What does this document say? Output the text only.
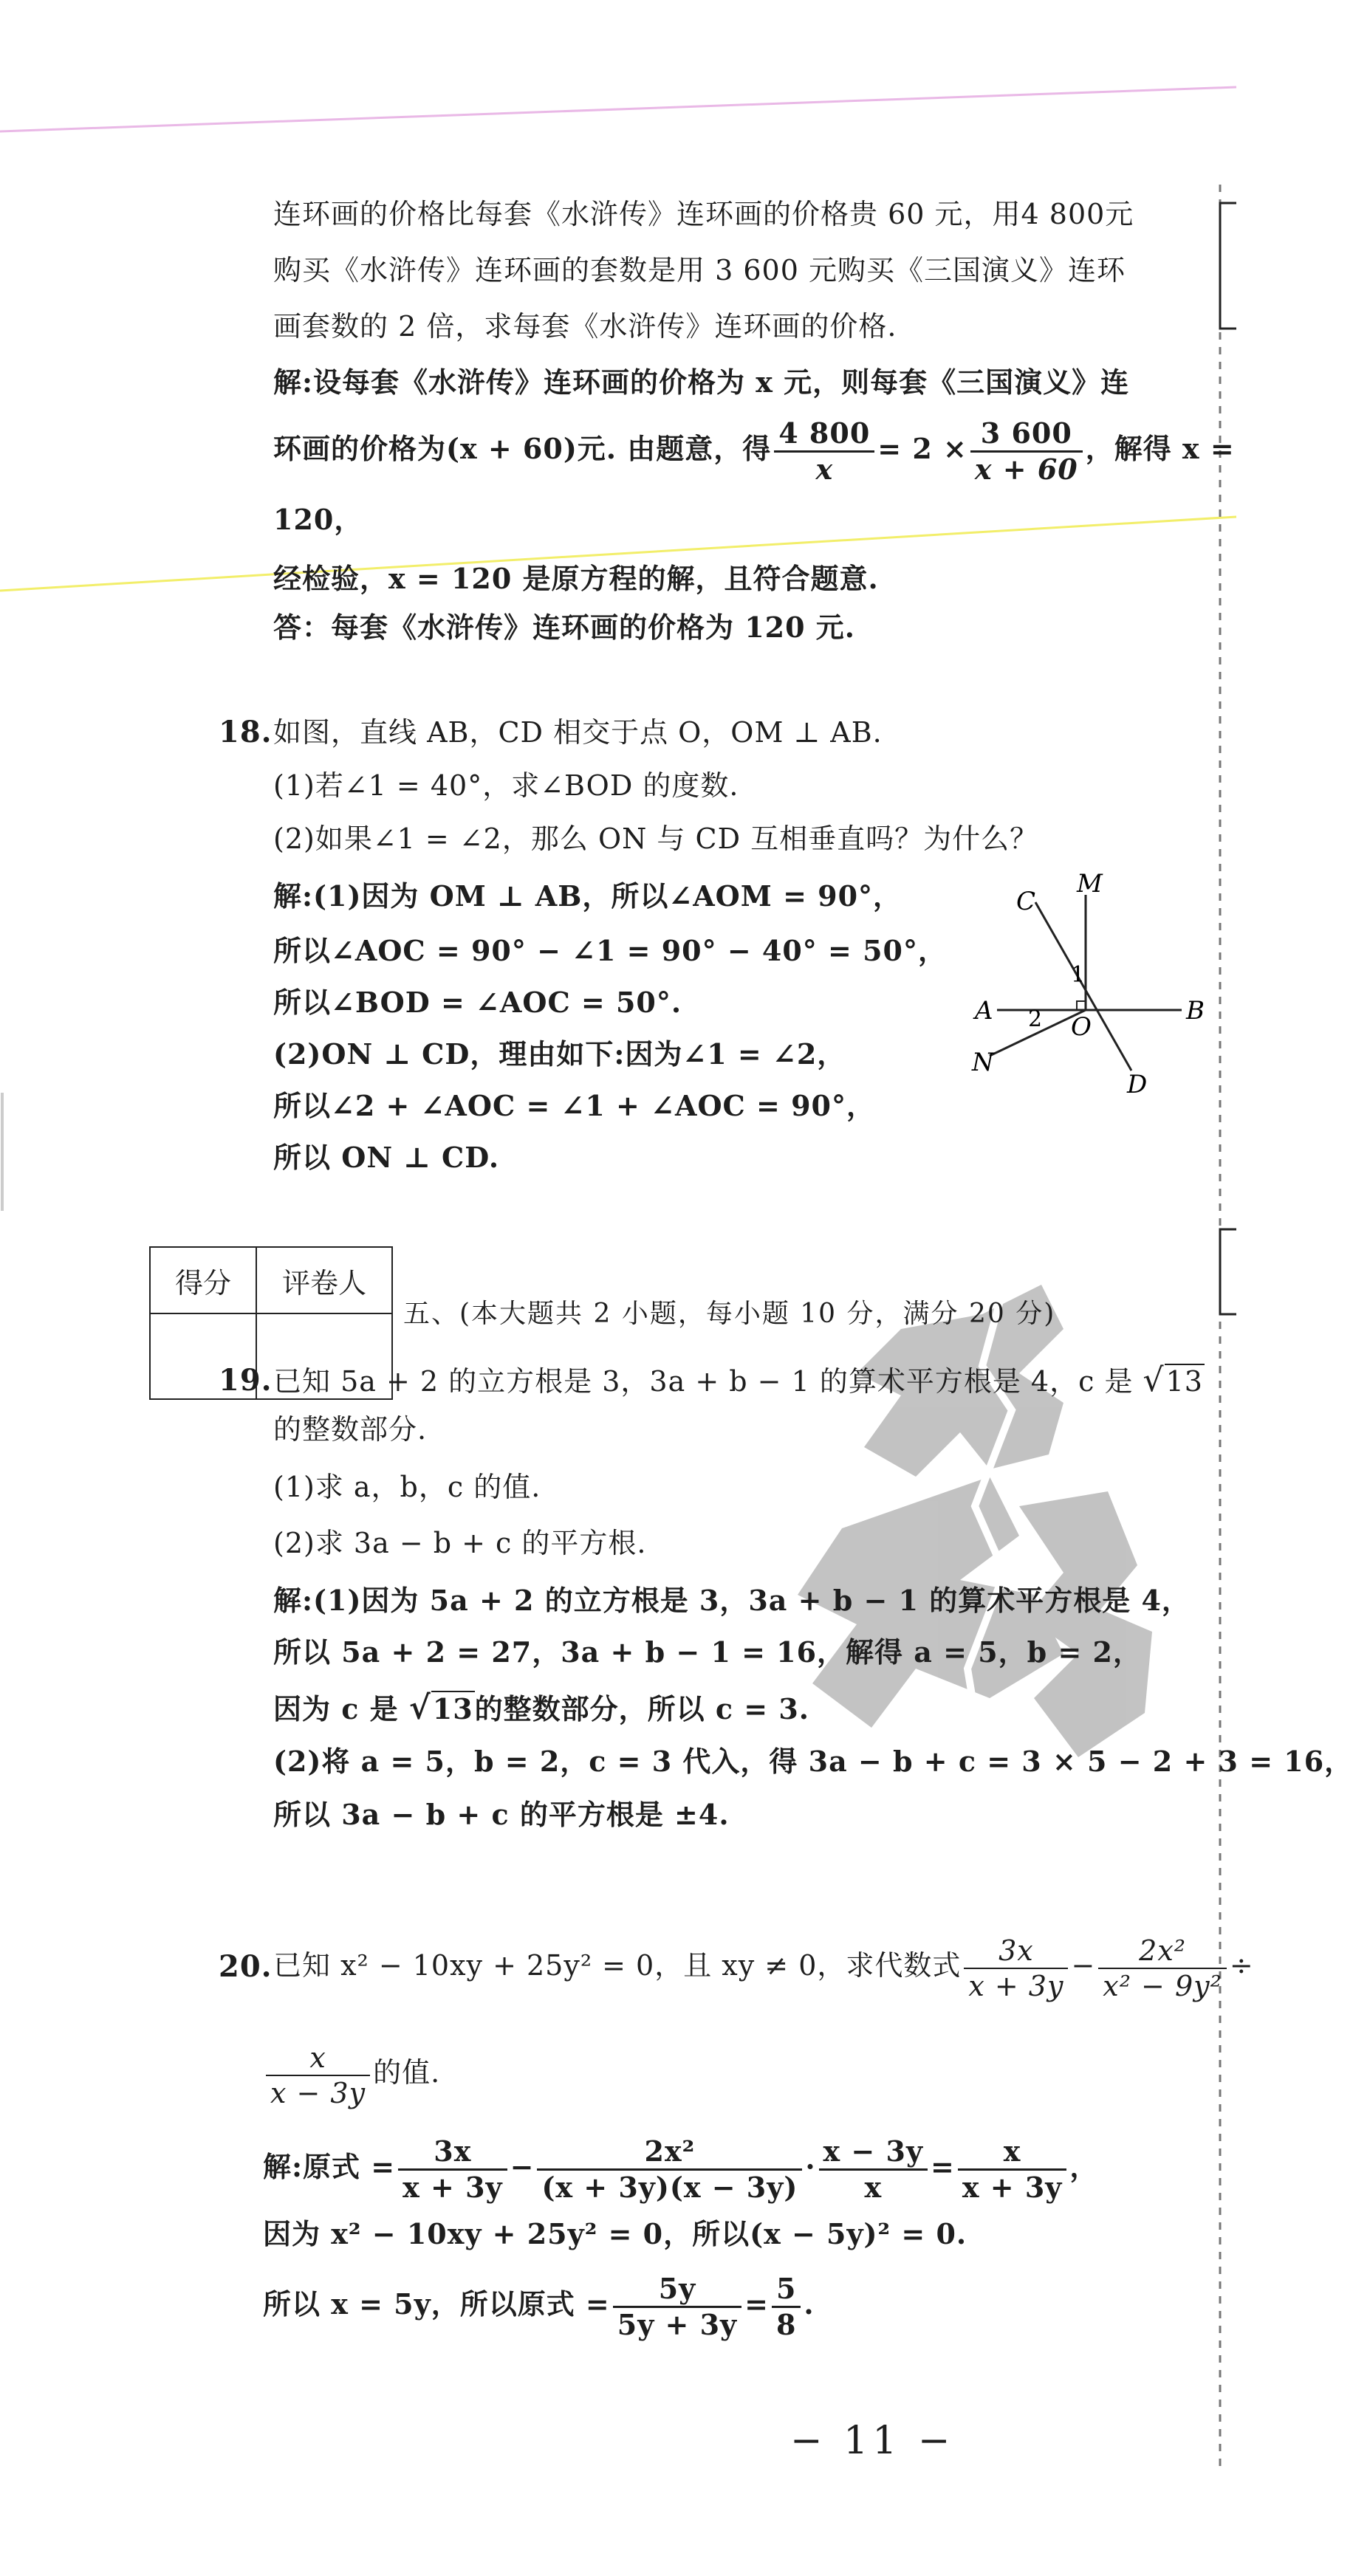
连环画的价格比每套《水浒传》连环画的价格贵 60 元，用4 800元
购买《水浒传》连环画的套数是用 3 600 元购买《三国演义》连环
画套数的 2 倍，求每套《水浒传》连环画的价格.
解:设每套《水浒传》连环画的价格为 x 元，则每套《三国演义》连
环画的价格为(x + 60)元. 由题意，得 $\frac{4 800}{x} = 2 \times \frac{3 600}{x + 60}$ ，解得 x =
120，
经检验，x = 120 是原方程的解，且符合题意.
答：每套《水浒传》连环画的价格为 120 元.
18. 如图，直线 AB，CD 相交于点 O，OM ⊥ AB.
(1)若∠1 = 40°，求∠BOD 的度数.
(2)如果∠1 = ∠2，那么 ON 与 CD 互相垂直吗？为什么？
解:(1)因为 OM ⊥ AB，所以∠AOM = 90°，
所以∠AOC = 90° − ∠1 = 90° − 40° = 50°，
所以∠BOD = ∠AOC = 50°.
(2)ON ⊥ CD，理由如下:因为∠1 = ∠2，
所以∠2 + ∠AOC = ∠1 + ∠AOC = 90°，
所以 ON ⊥ CD.
C
M
A	B
N
D
O
1
2
得分	评卷人

五、(本大题共 2 小题，每小题 10 分，满分 20 分)
19. 已知 5a + 2 的立方根是 3，3a + b − 1 的算术平方根是 4，c 是 √13
的整数部分.
(1)求 a，b，c 的值.
(2)求 3a − b + c 的平方根.
解:(1)因为 5a + 2 的立方根是 3，3a + b − 1 的算术平方根是 4，
所以 5a + 2 = 27，3a + b − 1 = 16，解得 a = 5，b = 2，
因为 c 是 √13的整数部分，所以 c = 3.
(2)将 a = 5，b = 2，c = 3 代入，得 3a − b + c = 3 × 5 − 2 + 3 = 16，
所以 3a − b + c 的平方根是 ±4.
20. 已知 x² − 10xy + 25y² = 0，且 xy ≠ 0，求代数式 $\frac{3x}{x + 3y} - \frac{\text{2x²}}{\text{x² − 9y²}}$ ÷
$\frac{x}{x - 3y}$ 的值.
解:原式 = $\frac{3x}{x + 3y} - \frac{\text{2x²}}{(x + 3y)(x - 3y)} \cdot \frac{x - 3y}{x} = \frac{x}{x + 3y}$ ，
因为 x² − 10xy + 25y² = 0，所以(x − 5y)² = 0.
所以 x = 5y，所以原式 = $\frac{5y}{5y + 3y} = \frac{5}{8}$ .
− 11 −
